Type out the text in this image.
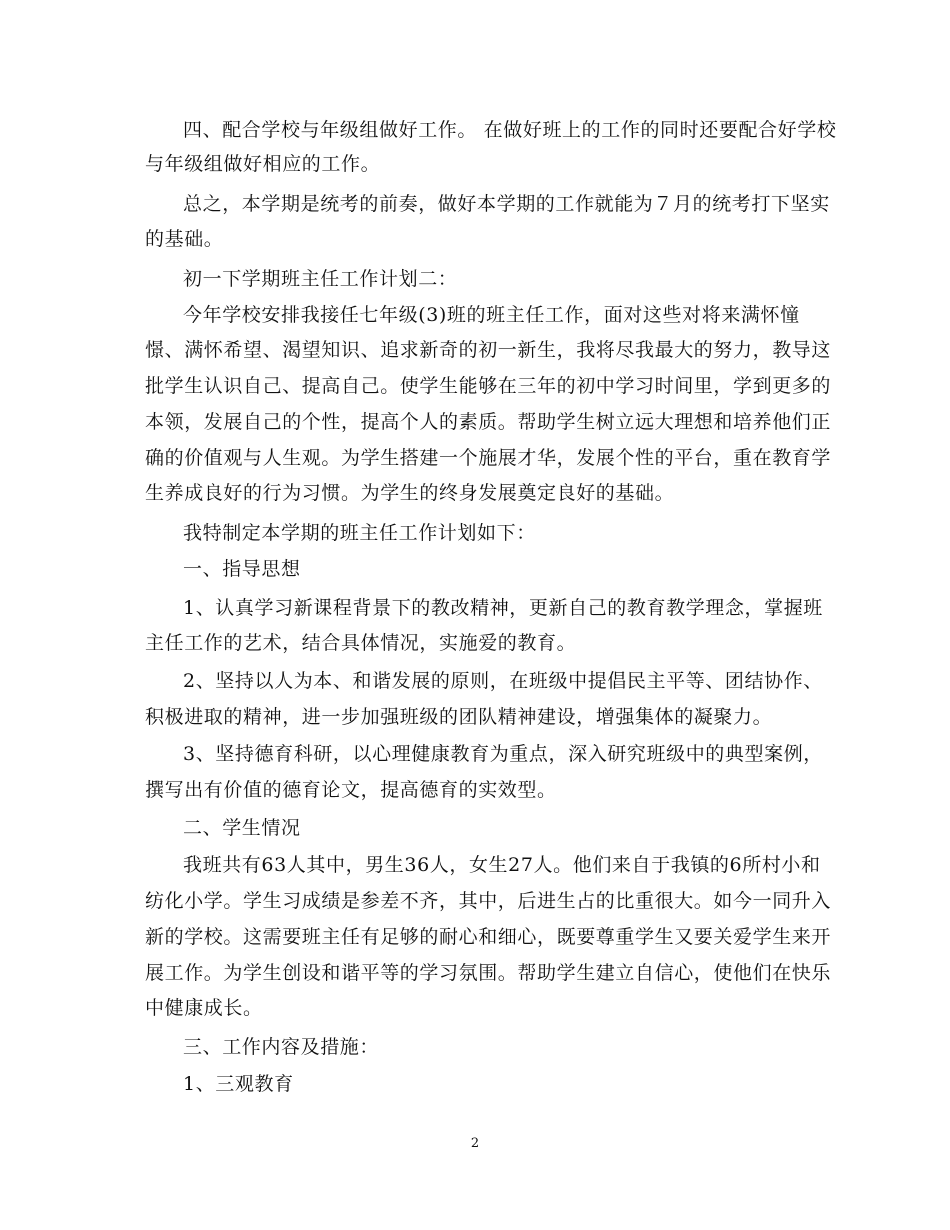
四、配合学校与年级组做好工作。 在做好班上的工作的同时还要配合好学校
与年级组做好相应的工作。
总之，本学期是统考的前奏，做好本学期的工作就能为７月的统考打下坚实
的基础。
初一下学期班主任工作计划二：
今年学校安排我接任七年级(3)班的班主任工作，面对这些对将来满怀憧
憬、满怀希望、渴望知识、追求新奇的初一新生，我将尽我最大的努力，教导这
批学生认识自己、提高自己。使学生能够在三年的初中学习时间里，学到更多的
本领，发展自己的个性，提高个人的素质。帮助学生树立远大理想和培养他们正
确的价值观与人生观。为学生搭建一个施展才华，发展个性的平台，重在教育学
生养成良好的行为习惯。为学生的终身发展奠定良好的基础。
我特制定本学期的班主任工作计划如下：
一、指导思想
1、认真学习新课程背景下的教改精神，更新自己的教育教学理念，掌握班
主任工作的艺术，结合具体情况，实施爱的教育。
2、坚持以人为本、和谐发展的原则，在班级中提倡民主平等、团结协作、
积极进取的精神，进一步加强班级的团队精神建设，增强集体的凝聚力。
3、坚持德育科研，以心理健康教育为重点，深入研究班级中的典型案例，
撰写出有价值的德育论文，提高德育的实效型。
二、学生情况
我班共有63人其中，男生36人，女生27人。他们来自于我镇的6所村小和
纺化小学。学生习成绩是参差不齐，其中，后进生占的比重很大。如今一同升入
新的学校。这需要班主任有足够的耐心和细心，既要尊重学生又要关爱学生来开
展工作。为学生创设和谐平等的学习氛围。帮助学生建立自信心，使他们在快乐
中健康成长。
三、工作内容及措施：
1、三观教育
2
